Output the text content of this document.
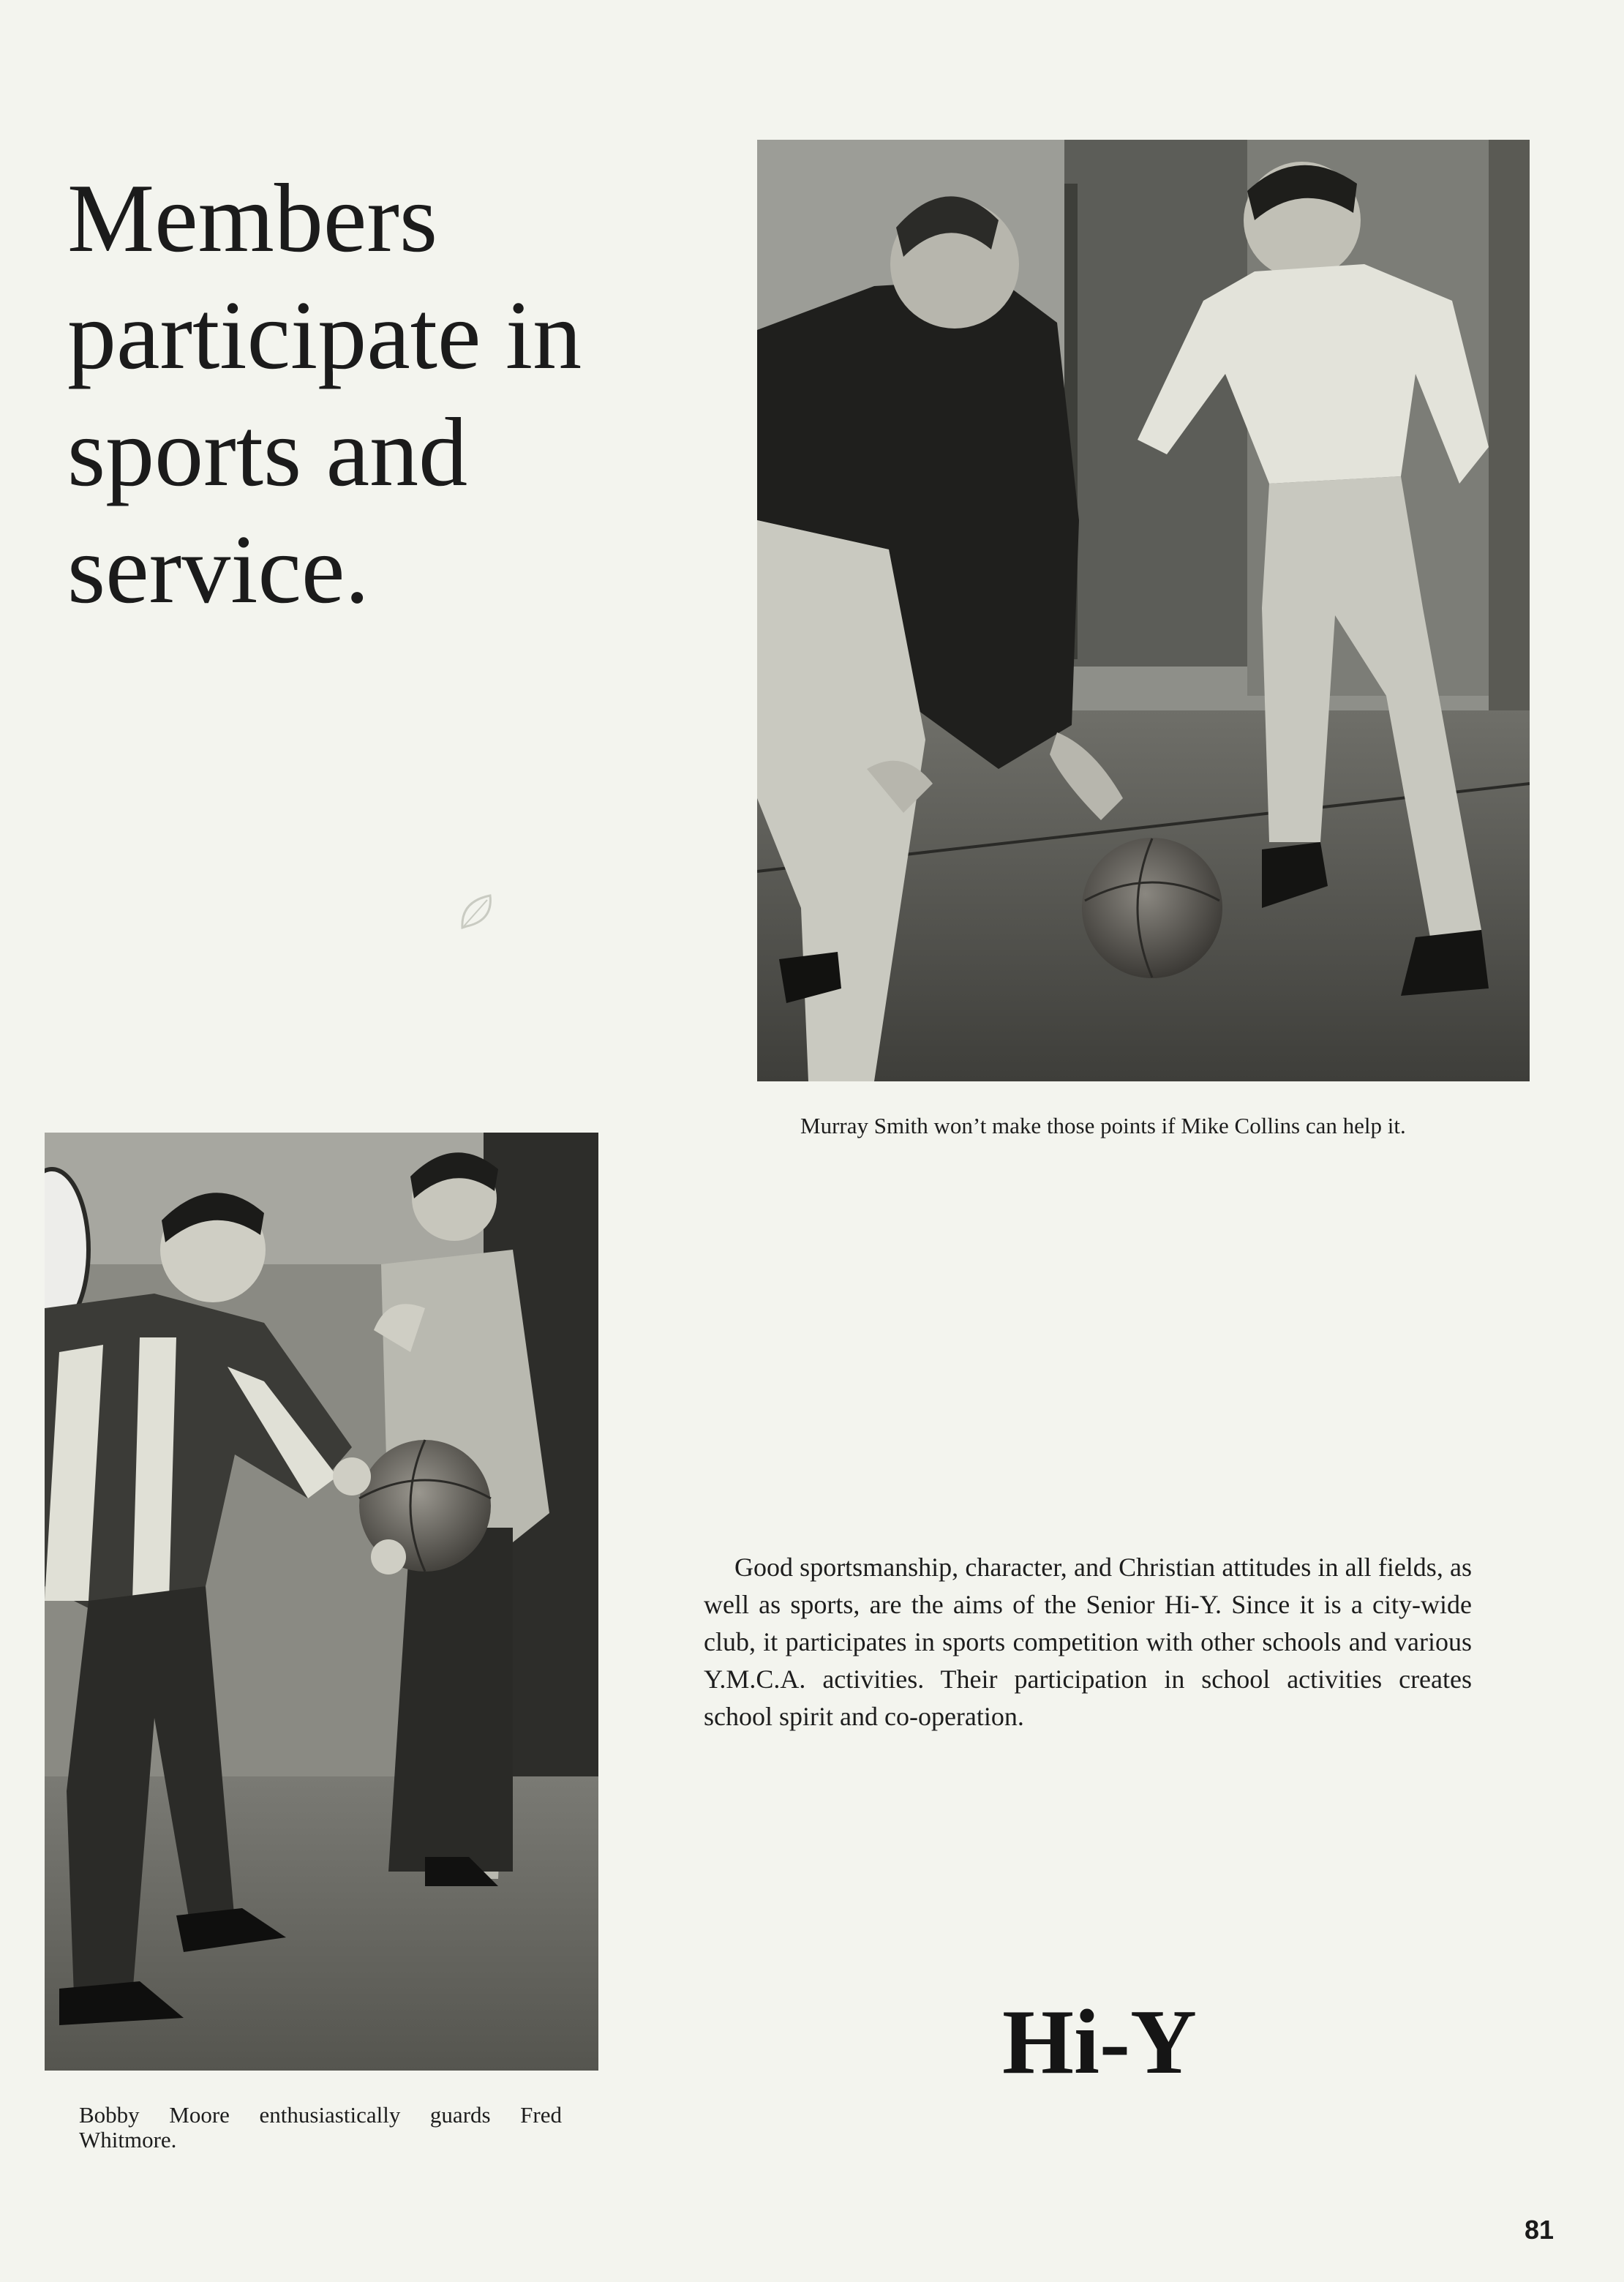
Members
participate in
sports and
service.

Murray Smith won’t make those points if Mike Collins can help it.

Bobby Moore enthusiastically guards Fred Whitmore.

Good sportsmanship, character, and Christian attitudes in all fields, as well as sports, are the aims of the Senior Hi-Y. Since it is a city-wide club, it participates in sports competition with other schools and various Y.M.C.A. activities. Their participation in school activities creates school spirit and co-operation.

Hi-Y
81
